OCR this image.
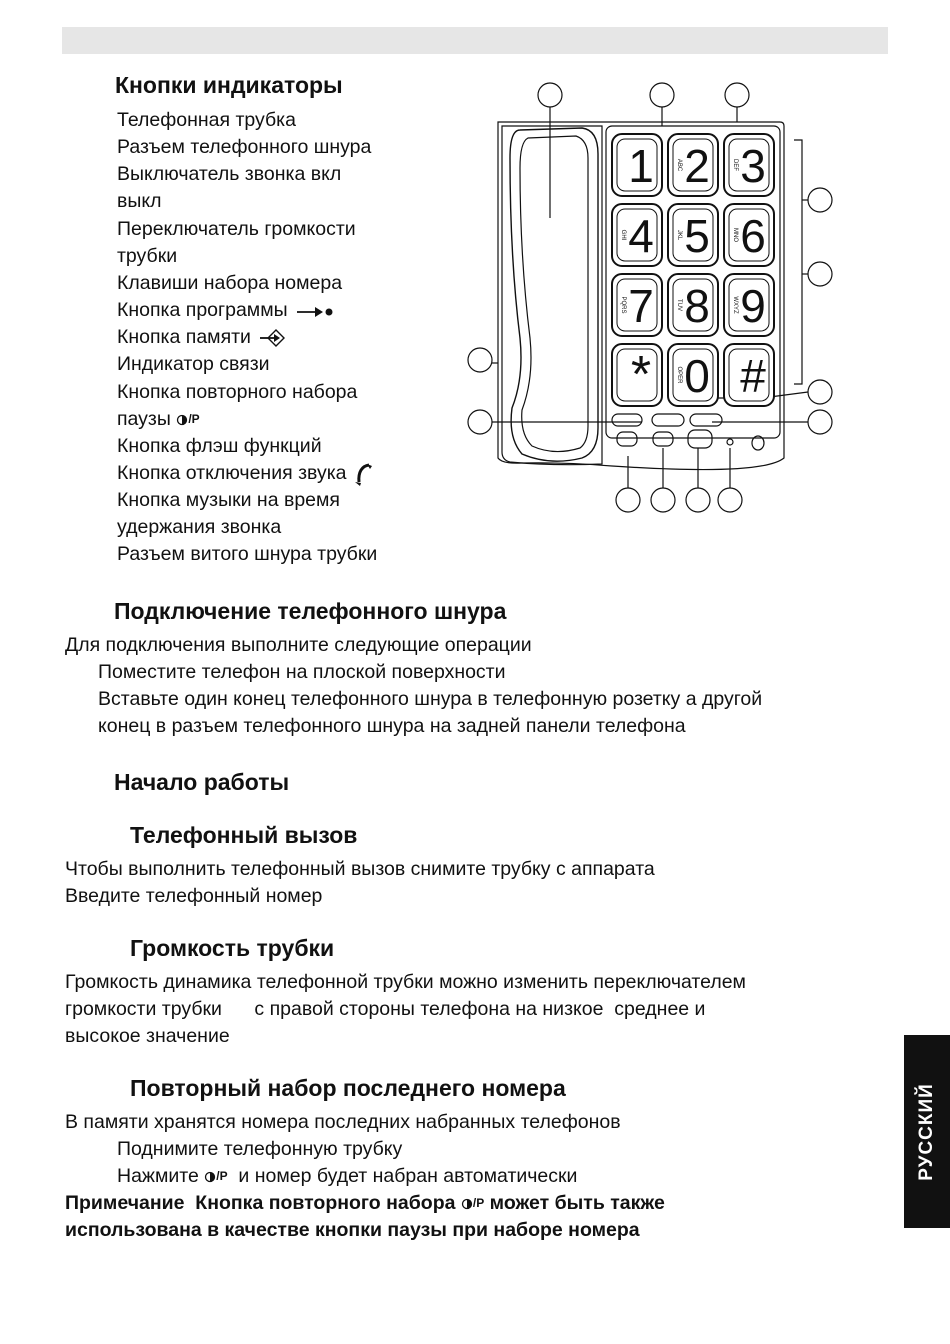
Кнопки индикаторы
Телефонная трубка
Разъем телефонного шнура
Выключатель звонка вкл
выкл
Переключатель громкости
трубки
Клавиши набора номера
Кнопка программы
Кнопка памяти
Индикатор связи
Кнопка повторного набора
паузы /P
Кнопка флэш функций
Кнопка отключения звука
Кнопка музыки на время
удержания звонка
Разъем витого шнура трубки
1 2
ABC 3
DEF
4
GHI 5
JKL 6
MNO
7
PQRS 8
TUV 9
WXYZ
* 0
OPER #
Подключение телефонного шнура
Для подключения выполните следующие операции
Поместите телефон на плоской поверхности
Вставьте один конец телефонного шнура в телефонную розетку а другой
конец в разъем телефонного шнура на задней панели телефона
Начало работы
Телефонный вызов
Чтобы выполнить телефонный вызов снимите трубку с аппарата
Введите телефонный номер
Громкость трубки
Громкость динамика телефонной трубки можно изменить переключателем
громкости трубки      с правой стороны телефона на низкое  среднее и
высокое значение
Повторный набор последнего номера
В памяти хранятся номера последних набранных телефонов
Поднимите телефонную трубку
Нажмите /P  и номер будет набран автоматически
Примечание  Кнопка повторного набора /P может быть также
использована в качестве кнопки паузы при наборе номера
РУССКИЙ
